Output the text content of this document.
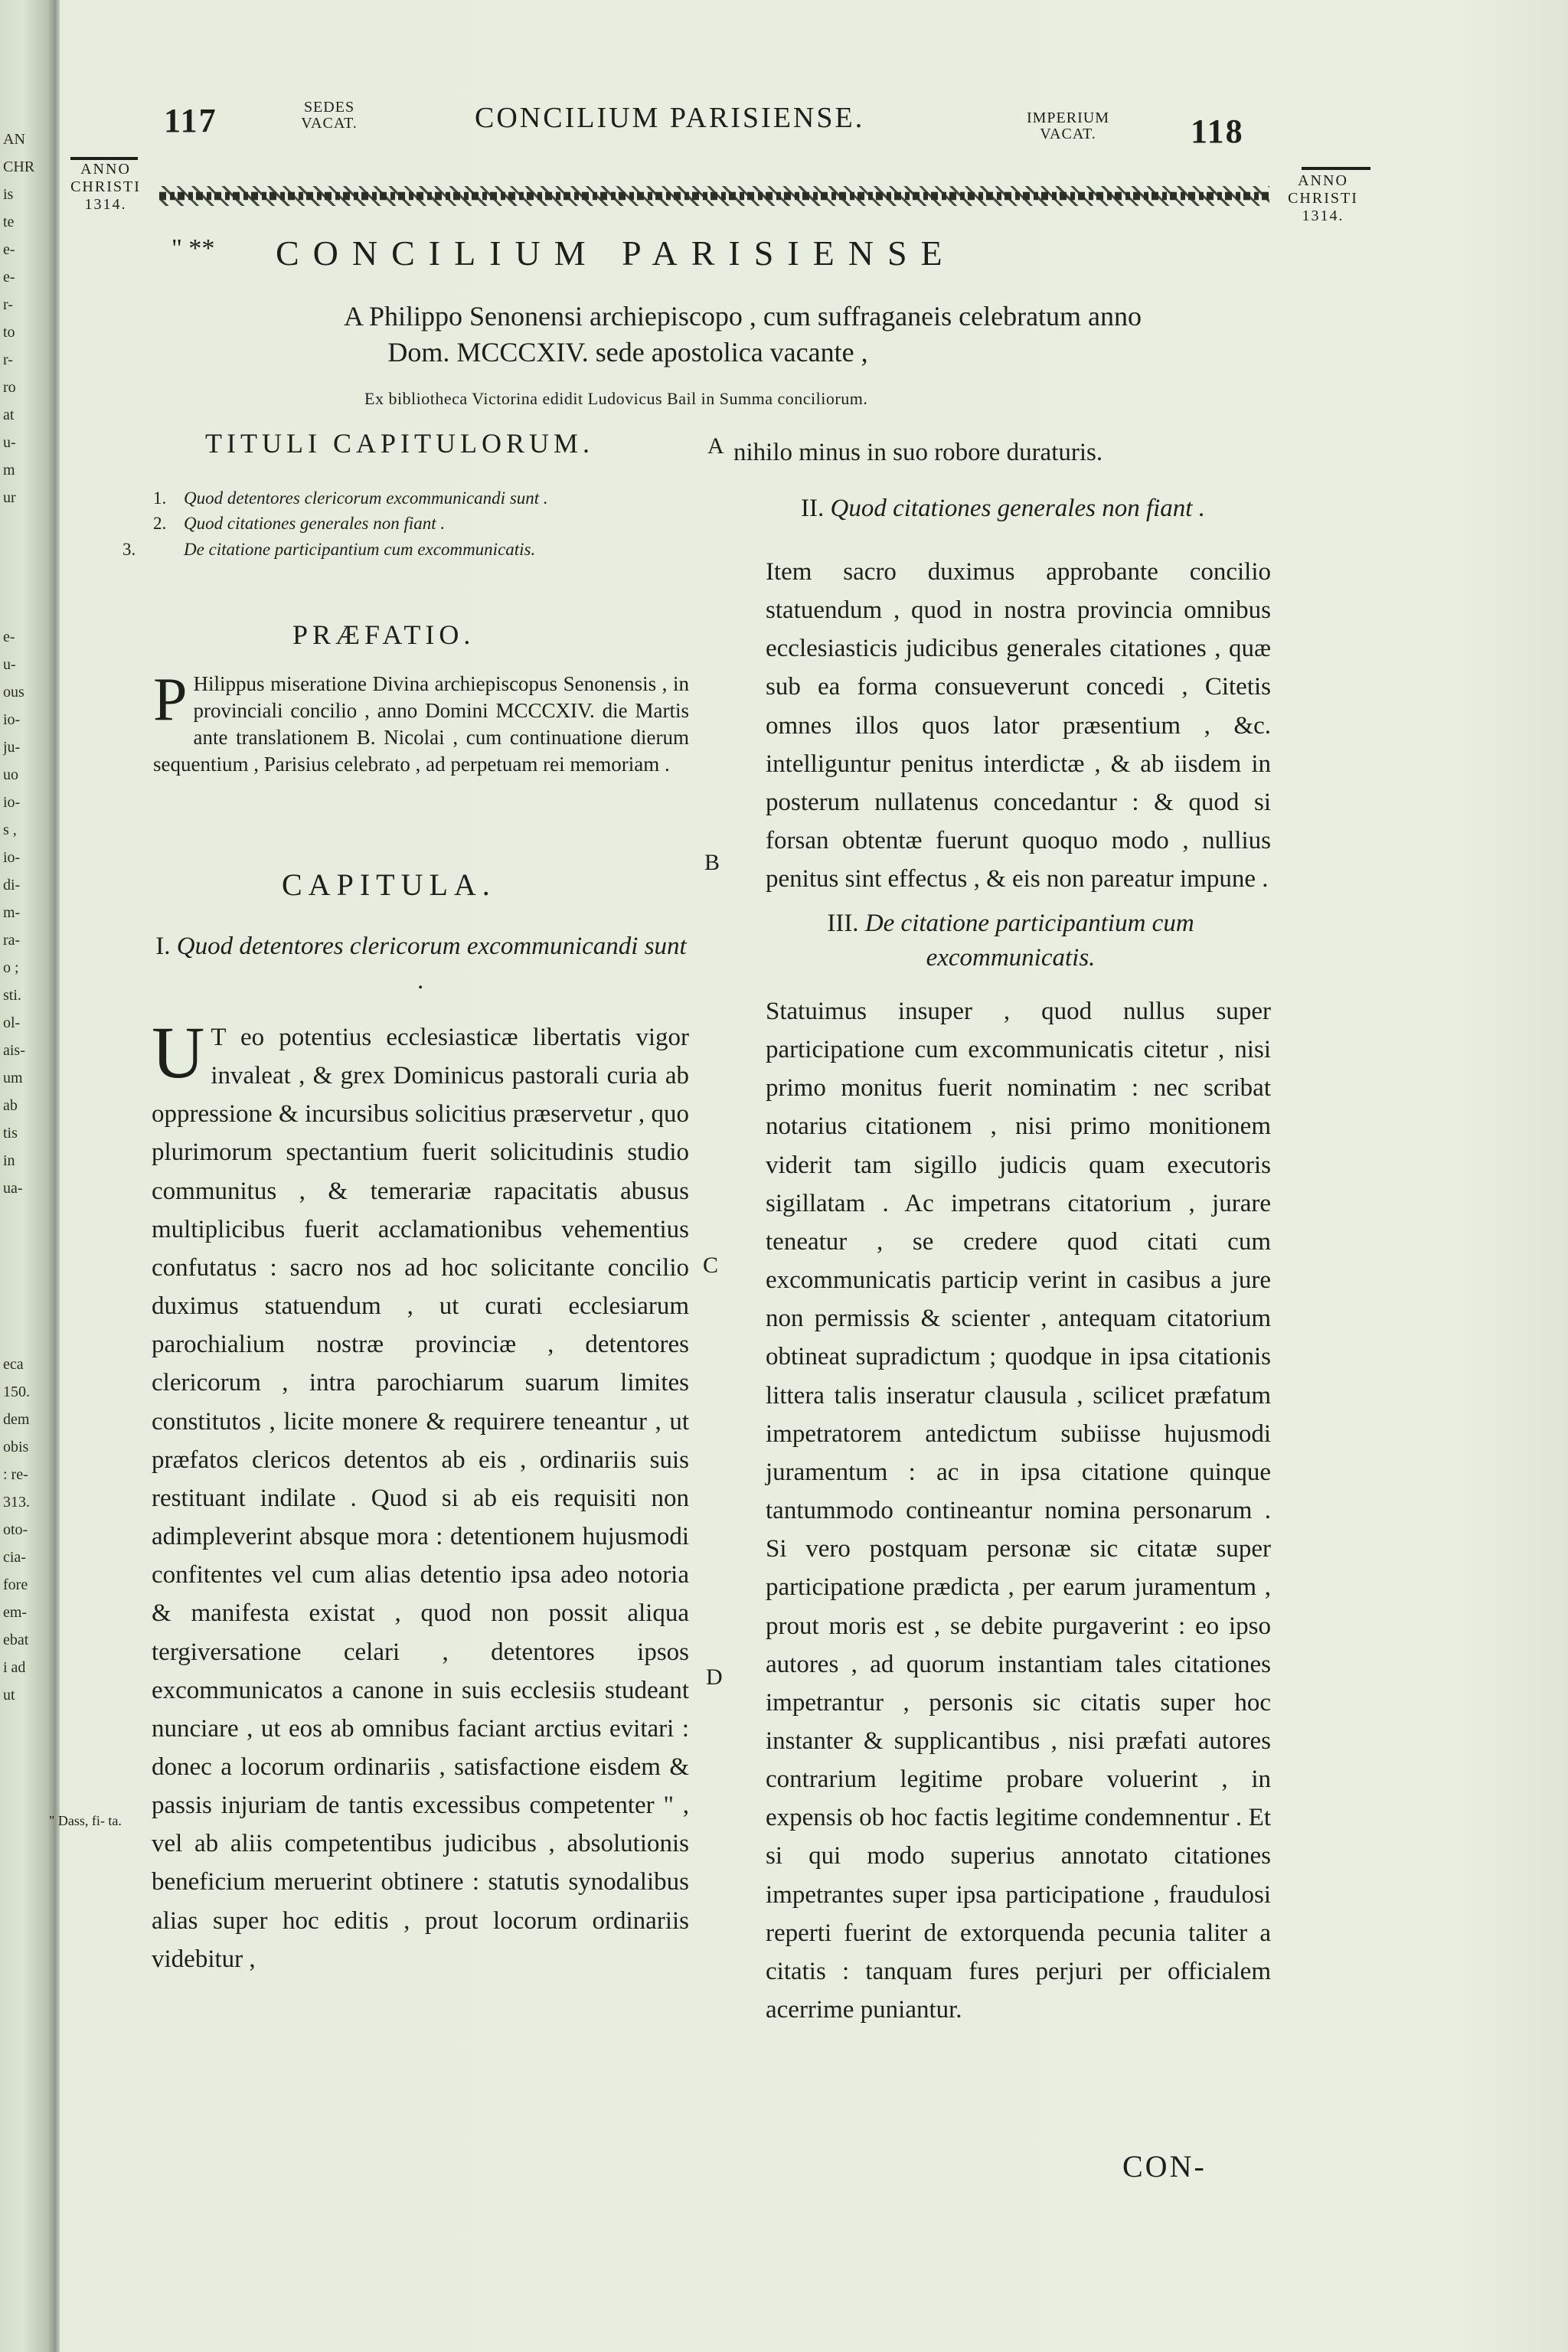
AN
CHR
is
te
e-
e-
r-
to
r-
ro
at
u-
m
ur
e-
u-
ous
io-
ju-
uo
io-
s ,
io-
di-
m-
ra-
o ;
sti.
ol-
ais-
um
ab
tis
in
ua-
eca
150.
dem
obis
: re-
313.
oto-
cia-
fore
em-
ebat
i ad
ut
117	SEDES VACAT.	CONCILIUM PARISIENSE.	IMPERIUM VACAT.	118
ANNO CHRISTI 1314.
ANNO CHRISTI 1314.
" ** CONCILIUM PARISIENSE
A Philippo Senonensi archiepiscopo , cum suffraganeis celebratum anno
Dom. MCCCXIV. sede apostolica vacante ,
Ex bibliotheca Victorina edidit Ludovicus Bail in Summa conciliorum.
TITULI CAPITULORUM.
1. Quod detentores clericorum excommunicandi sunt .
2. Quod citationes generales non fiant .
3.	De citatione participantium cum excommunicatis.
PRÆFATIO.
P Hilippus miseratione Divina archiepiscopus Senonensis , in provinciali concilio , anno Domini MCCCXIV. die Martis ante translationem B. Nicolai , cum continuatione dierum sequentium , Parisius celebrato , ad perpetuam rei memoriam .
CAPITULA.
I. Quod detentores clericorum excommunicandi sunt .
U T eo potentius ecclesiasticæ libertatis vigor invaleat , & grex Dominicus pastorali curia ab oppressione & incursibus solicitius præservetur , quo plurimorum spectantium fuerit solicitudinis studio communitus , & temerariæ rapacitatis abusus multiplicibus fuerit acclamationibus vehementius confutatus : sacro nos ad hoc solicitante concilio duximus statuendum , ut curati ecclesiarum parochialium nostræ provinciæ , detentores clericorum , intra parochiarum suarum limites constitutos , licite monere & requirere teneantur , ut præfatos clericos detentos ab eis , ordinariis suis restituant indilate . Quod si ab eis requisiti non adimpleverint absque mora : detentionem hujusmodi confitentes vel cum alias detentio ipsa adeo notoria & manifesta existat , quod non possit aliqua tergiversatione celari , detentores ipsos excommunicatos a canone in suis ecclesiis studeant nunciare , ut eos ab omnibus faciant arctius evitari : donec a locorum ordinariis , satisfactione eisdem & passis injuriam de tantis excessibus competenter " , vel ab aliis competentibus judicibus , absolutionis beneficium meruerint obtinere : statutis synodalibus alias super hoc editis , prout locorum ordinariis videbitur ,
" Dass, fi- ta.
A nihilo minus in suo robore duraturis.
II. Quod citationes generales non fiant .
Item sacro duximus approbante concilio statuendum , quod in nostra provincia omnibus ecclesiasticis judicibus generales citationes , quæ sub ea forma consueverunt concedi , Citetis omnes illos quos lator præsentium , &c. intelliguntur penitus interdictæ , & ab iisdem in posterum nullatenus concedantur : & quod si forsan obtentæ fuerunt quoquo modo , nullius penitus sint effectus , & eis non pareatur impune .
B
III. De citatione participantium cum excommunicatis.
Statuimus insuper , quod nullus super participatione cum excommunicatis citetur , nisi primo monitus fuerit nominatim : nec scribat notarius citationem , nisi primo monitionem viderit tam sigillo judicis quam executoris sigillatam . Ac impetrans citatorium , jurare teneatur , se credere quod citati cum excommunicatis particip verint in casibus a jure non permissis & scienter , antequam citatorium obtineat supradictum ; quodque in ipsa citationis littera talis inseratur clausula , scilicet præfatum impetratorem antedictum subiisse hujusmodi juramentum : ac in ipsa citatione quinque tantummodo contineantur nomina personarum . Si vero postquam personæ sic citatæ super participatione prædicta , per earum juramentum , prout moris est , se debite purgaverint : eo ipso autores , ad quorum instantiam tales citationes impetrantur , personis sic citatis super hoc instanter & supplicantibus , nisi præfati autores contrarium legitime probare voluerint , in expensis ob hoc factis legitime condemnentur . Et si qui modo superius annotato citationes impetrantes super ipsa participatione , fraudulosi reperti fuerint de extorquenda pecunia taliter a citatis : tanquam fures perjuri per officialem acerrime puniantur.
C
D
CON-
